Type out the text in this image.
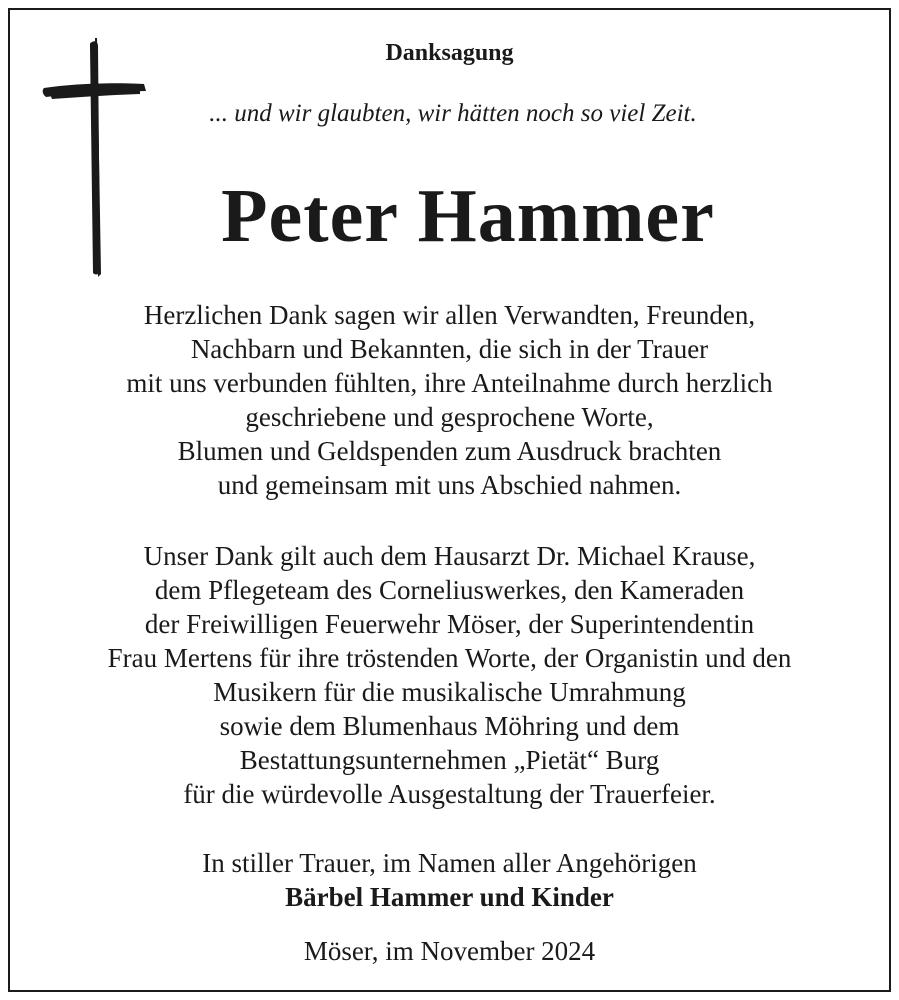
Danksagung
... und wir glaubten, wir hätten noch so viel Zeit.
Peter Hammer
Herzlichen Dank sagen wir allen Verwandten, Freunden,
Nachbarn und Bekannten, die sich in der Trauer
mit uns verbunden fühlten, ihre Anteilnahme durch herzlich
geschriebene und gesprochene Worte,
Blumen und Geldspenden zum Ausdruck brachten
und gemeinsam mit uns Abschied nahmen.
Unser Dank gilt auch dem Hausarzt Dr. Michael Krause,
dem Pflegeteam des Corneliuswerkes, den Kameraden
der Freiwilligen Feuerwehr Möser, der Superintendentin
Frau Mertens für ihre tröstenden Worte, der Organistin und den
Musikern für die musikalische Umrahmung
sowie dem Blumenhaus Möhring und dem
Bestattungsunternehmen „Pietät“ Burg
für die würdevolle Ausgestaltung der Trauerfeier.
In stiller Trauer, im Namen aller Angehörigen
Bärbel Hammer und Kinder
Möser, im November 2024
